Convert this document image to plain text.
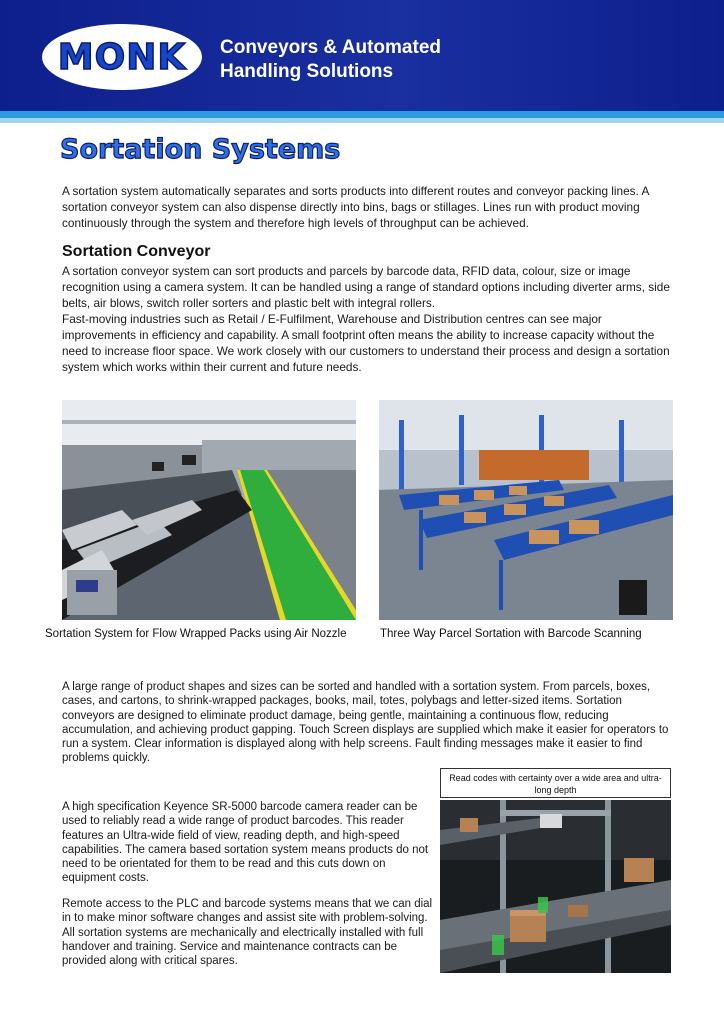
MONK Conveyors & Automated
Handling Solutions
Sortation Systems

A sortation system automatically separates and sorts products into different routes and conveyor packing lines. A sortation conveyor system can also dispense directly into bins, bags or stillages. Lines run with product moving continuously through the system and therefore high levels of throughput can be achieved.

Sortation Conveyor
A sortation conveyor system can sort products and parcels by barcode data, RFID data, colour, size or image recognition using a camera system. It can be handled using a range of standard options including diverter arms, side belts, air blows, switch roller sorters and plastic belt with integral rollers.
Fast-moving industries such as Retail / E-Fulfilment, Warehouse and Distribution centres can see major improvements in efficiency and capability. A small footprint often means the ability to increase capacity without the need to increase floor space. We work closely with our customers to understand their process and design a sortation system which works within their current and future needs.
Sortation System for Flow Wrapped Packs using Air Nozzle	Three Way Parcel Sortation with Barcode Scanning

A large range of product shapes and sizes can be sorted and handled with a sortation system. From parcels, boxes, cases, and cartons, to shrink-wrapped packages, books, mail, totes, polybags and letter-sized items. Sortation conveyors are designed to eliminate product damage, being gentle, maintaining a continuous flow, reducing accumulation, and achieving product gapping. Touch Screen displays are supplied which make it easier for operators to run a system. Clear information is displayed along with help screens. Fault finding messages make it easier to find problems quickly.

A high specification Keyence SR-5000 barcode camera reader can be used to reliably read a wide range of product barcodes. This reader features an Ultra-wide field of view, reading depth, and high-speed capabilities. The camera based sortation system means products do not need to be orientated for them to be read and this cuts down on equipment costs.

Remote access to the PLC and barcode systems means that we can dial in to make minor software changes and assist site with problem-solving. All sortation systems are mechanically and electrically installed with full handover and training. Service and maintenance contracts can be provided along with critical spares.

Read codes with certainty over a wide area and ultra-long depth
